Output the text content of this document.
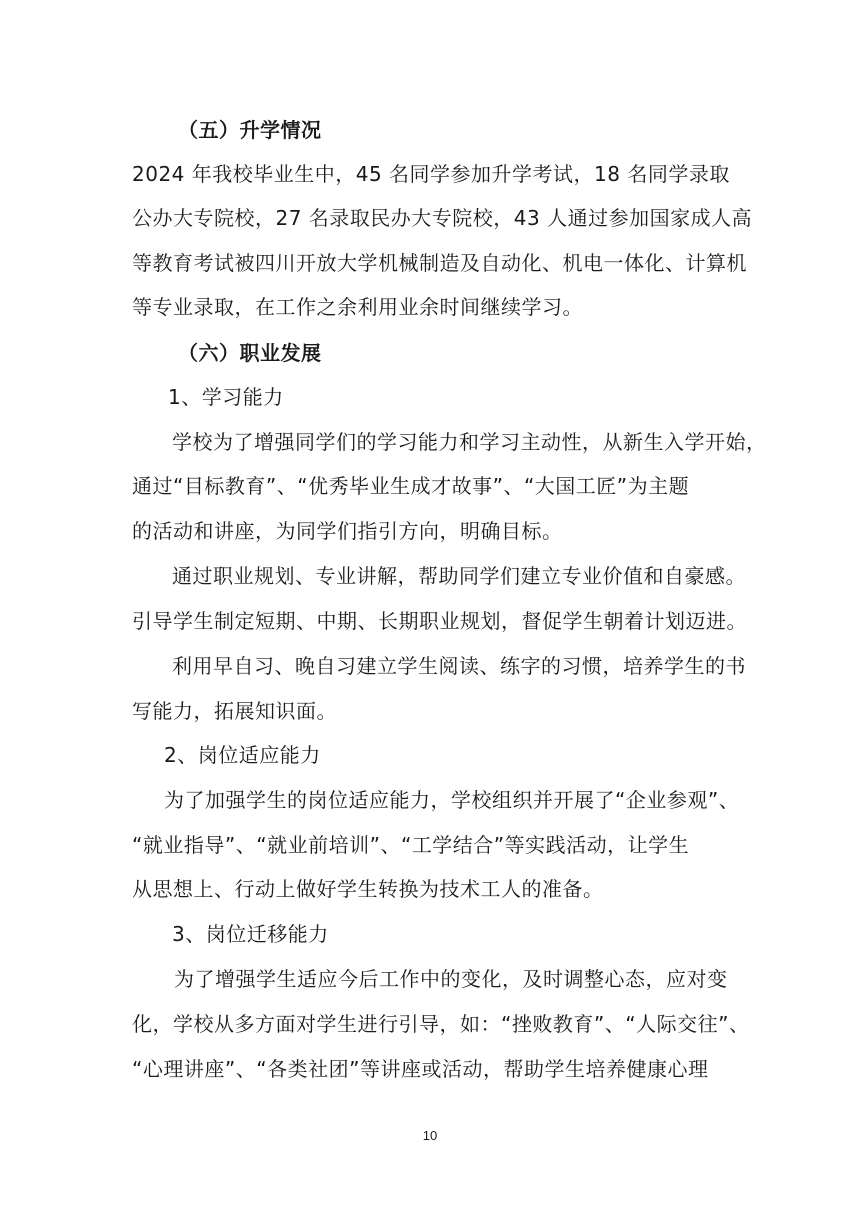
（五）升学情况

2024 年我校毕业生中，45 名同学参加升学考试，18 名同学录取

公办大专院校，27 名录取民办大专院校，43 人通过参加国家成人高

等教育考试被四川开放大学机械制造及自动化、机电一体化、计算机

等专业录取，在工作之余利用业余时间继续学习。

（六）职业发展

1、学习能力

学校为了增强同学们的学习能力和学习主动性，从新生入学开始，

通过“目标教育”、“优秀毕业生成才故事”、“大国工匠”为主题

的活动和讲座，为同学们指引方向，明确目标。

通过职业规划、专业讲解，帮助同学们建立专业价值和自豪感。

引导学生制定短期、中期、长期职业规划，督促学生朝着计划迈进。

利用早自习、晚自习建立学生阅读、练字的习惯，培养学生的书

写能力，拓展知识面。

2、岗位适应能力

为了加强学生的岗位适应能力，学校组织并开展了“企业参观”、

“就业指导”、“就业前培训”、“工学结合”等实践活动，让学生

从思想上、行动上做好学生转换为技术工人的准备。

3、岗位迁移能力

为了增强学生适应今后工作中的变化，及时调整心态，应对变

化，学校从多方面对学生进行引导，如：“挫败教育”、“人际交往”、

“心理讲座”、“各类社团”等讲座或活动，帮助学生培养健康心理

10
